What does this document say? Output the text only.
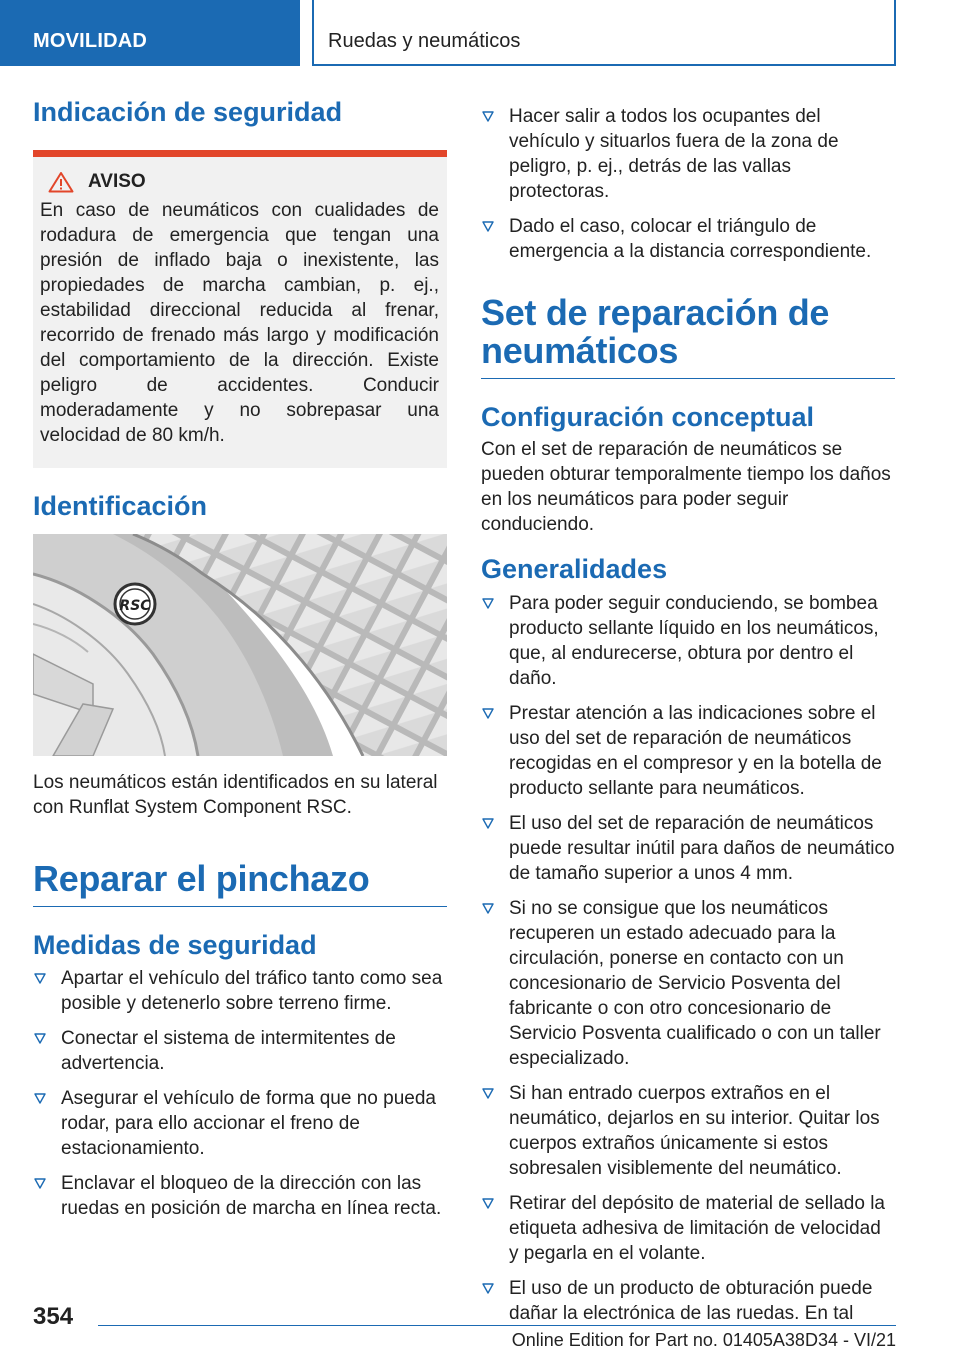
MOVILIDAD	Ruedas y neumáticos
Indicación de seguridad
AVISO

En caso de neumáticos con cualidades de rodadura de emergencia que tengan una presión de inflado baja o inexistente, las propiedades de marcha cambian, p. ej., estabilidad direccional reducida al frenar, recorrido de frenado más largo y modificación del comportamiento de la dirección. Existe peligro de accidentes. Conducir moderadamente y no sobrepasar una velocidad de 80 km/h.

Identificación
RSC

Los neumáticos están identificados en su lateral con Runflat System Component RSC.

Reparar el pinchazo
Medidas de seguridad
Apartar el vehículo del tráfico tanto como sea posible y detenerlo sobre terreno firme.
Conectar el sistema de intermitentes de advertencia.
Asegurar el vehículo de forma que no pueda rodar, para ello accionar el freno de estacionamiento.
Enclavar el bloqueo de la dirección con las ruedas en posición de marcha en línea recta.
Hacer salir a todos los ocupantes del vehículo y situarlos fuera de la zona de peligro, p. ej., detrás de las vallas protectoras.
Dado el caso, colocar el triángulo de emergencia a la distancia correspondiente.
Set de reparación de neumáticos
Configuración conceptual

Con el set de reparación de neumáticos se pueden obturar temporalmente tiempo los daños en los neumáticos para poder seguir conduciendo.

Generalidades
Para poder seguir conduciendo, se bombea producto sellante líquido en los neumáticos, que, al endurecerse, obtura por dentro el daño.
Prestar atención a las indicaciones sobre el uso del set de reparación de neumáticos recogidas en el compresor y en la botella de producto sellante para neumáticos.
El uso del set de reparación de neumáticos puede resultar inútil para daños de neumático de tamaño superior a unos 4 mm.
Si no se consigue que los neumáticos recuperen un estado adecuado para la circulación, ponerse en contacto con un concesionario de Servicio Posventa del fabricante o con otro concesionario de Servicio Posventa cualificado o con un taller especializado.
Si han entrado cuerpos extraños en el neumático, dejarlos en su interior. Quitar los cuerpos extraños únicamente si estos sobresalen visiblemente del neumático.
Retirar del depósito de material de sellado la etiqueta adhesiva de limitación de velocidad y pegarla en el volante.
El uso de un producto de obturación puede dañar la electrónica de las ruedas. En tal
354
Online Edition for Part no. 01405A38D34 - VI/21
